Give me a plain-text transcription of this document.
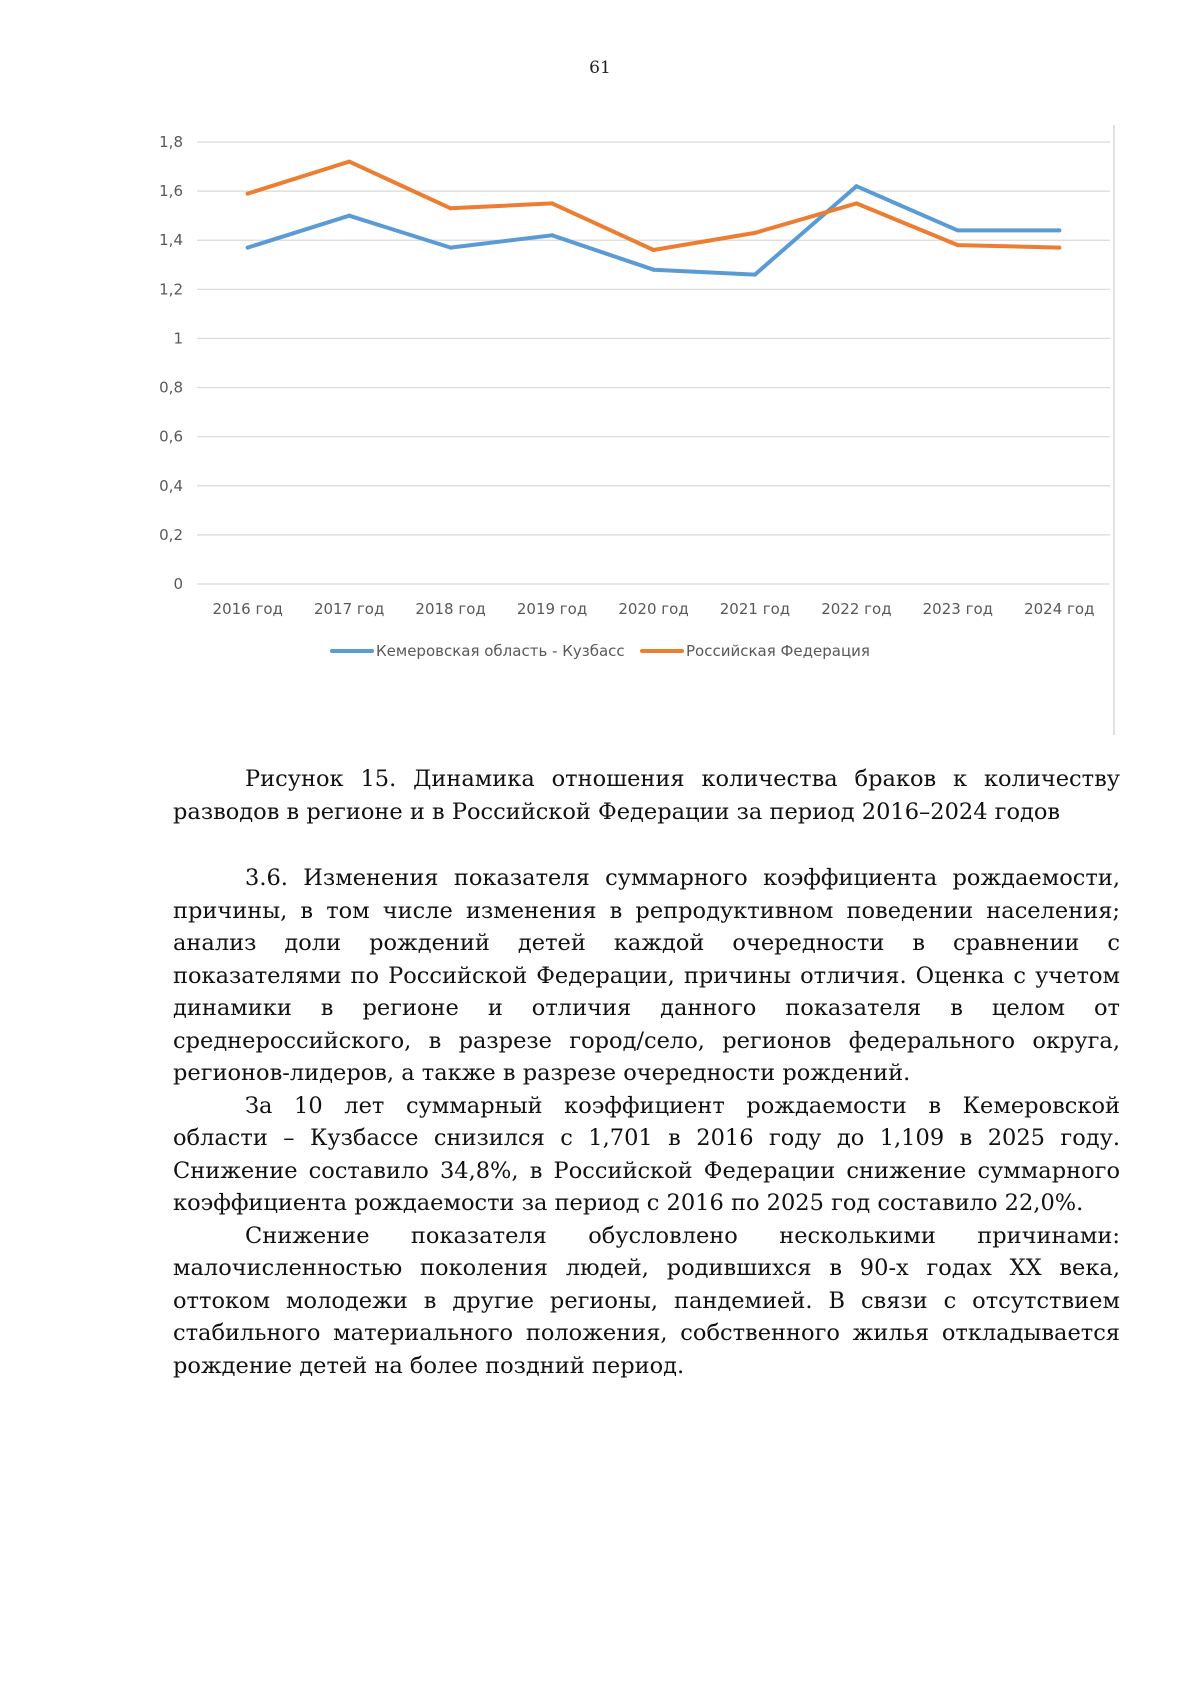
61
0
0,2
0,4
0,6
0,8
1
1,2
1,4
1,6
1,8
2016 год 2017 год 2018 год 2019 год 2020 год 2021 год 2022 год 2023 год 2024 год
Кемеровская область - Кузбасс	Российская Федерация
Рисунок 15. Динамика отношения количества браков к количеству разводов в регионе и в Российской Федерации за период 2016–2024 годов

3.6. Изменения показателя суммарного коэффициента рождаемости, причины, в том числе изменения в репродуктивном поведении населения; анализ доли рождений детей каждой очередности в сравнении с показателями по Российской Федерации, причины отличия. Оценка с учетом динамики в регионе и отличия данного показателя в целом от среднероссийского, в разрезе город/село, регионов федерального округа, регионов-лидеров, а также в разрезе очередности рождений.

За 10 лет суммарный коэффициент рождаемости в Кемеровской области – Кузбассе снизился с 1,701 в 2016 году до 1,109 в 2025 году. Снижение составило 34,8%, в Российской Федерации снижение суммарного коэффициента рождаемости за период с 2016 по 2025 год составило 22,0%.

Снижение показателя обусловлено несколькими причинами: малочисленностью поколения людей, родившихся в 90-х годах XX века, оттоком молодежи в другие регионы, пандемией. В связи с отсутствием стабильного материального положения, собственного жилья откладывается рождение детей на более поздний период.
